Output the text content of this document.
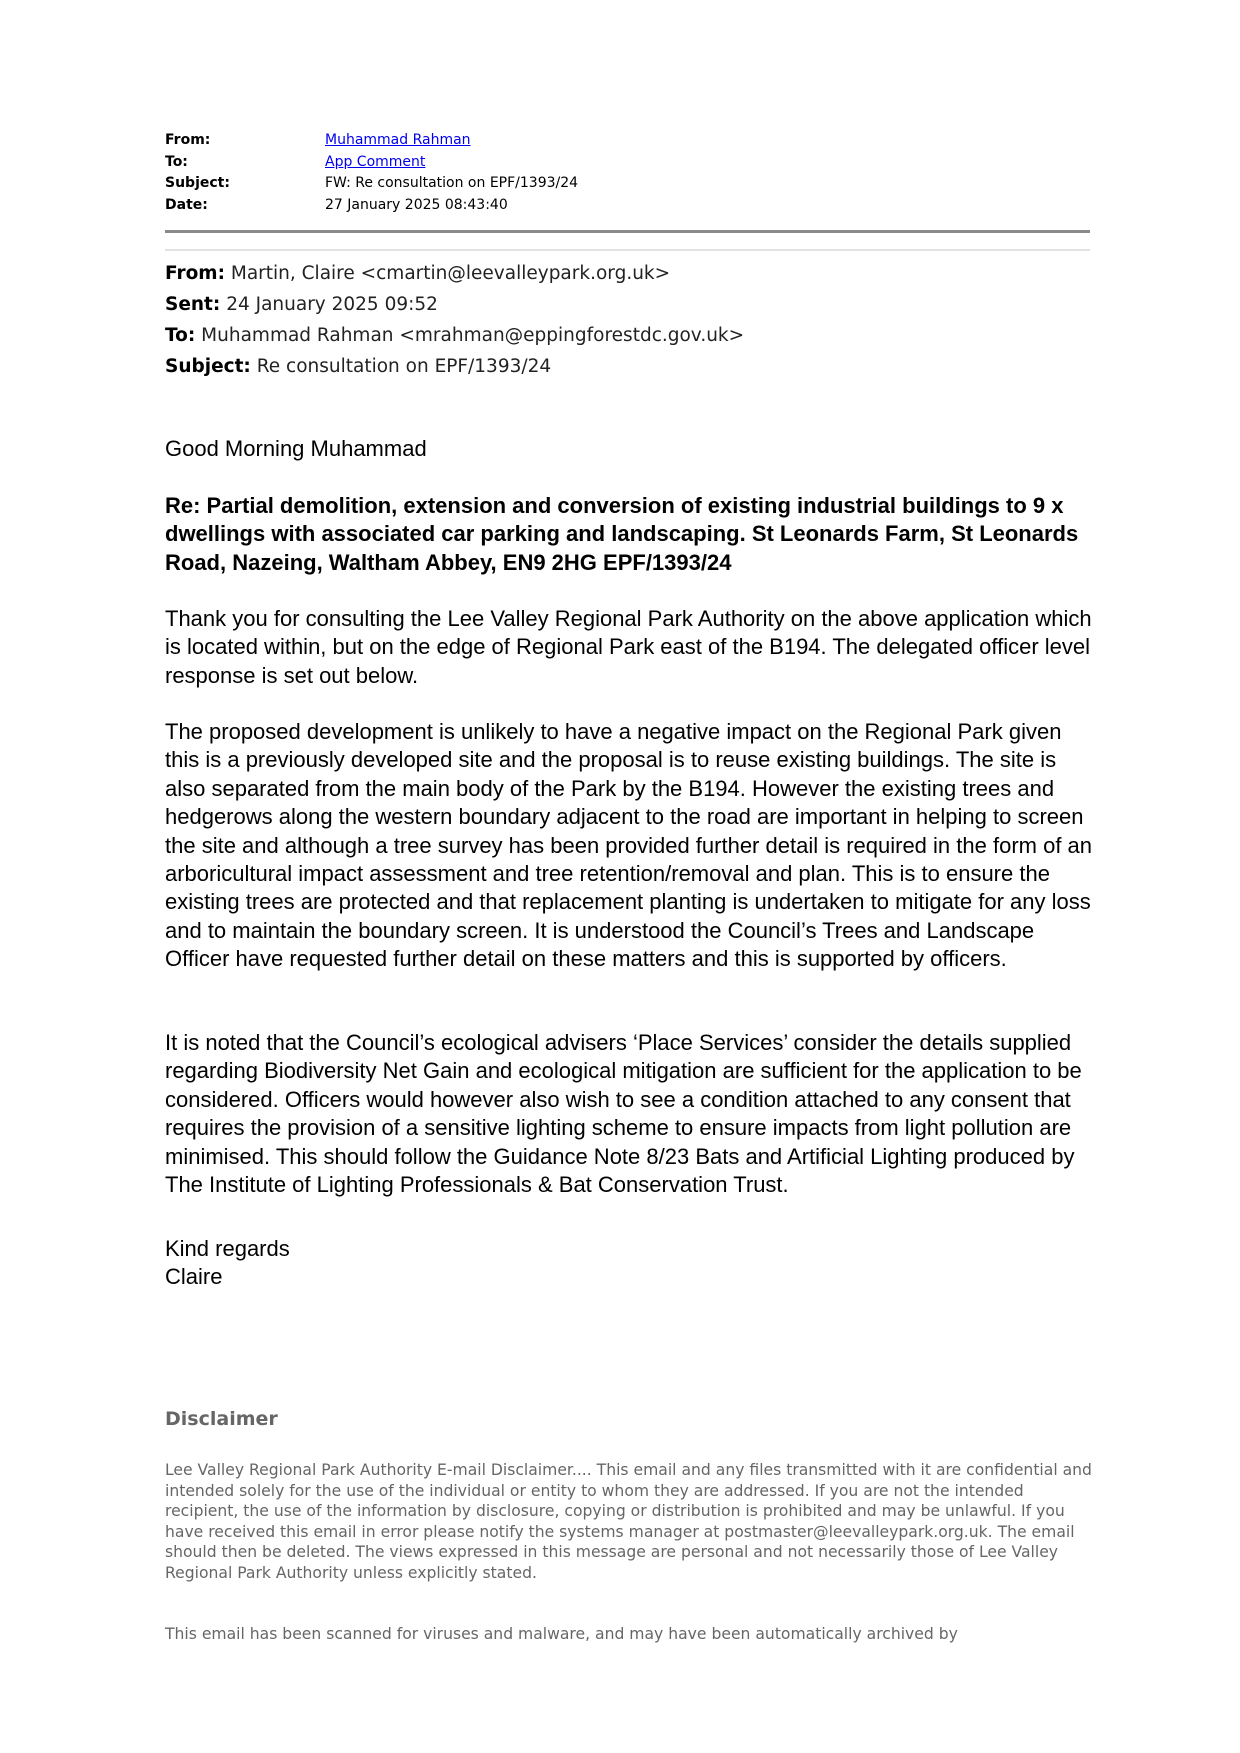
From:	Muhammad Rahman
To:	App Comment
Subject:	FW: Re consultation on EPF/1393/24
Date:	27 January 2025 08:43:40
From: Martin, Claire <cmartin@leevalleypark.org.uk>
Sent: 24 January 2025 09:52
To: Muhammad Rahman <mrahman@eppingforestdc.gov.uk>
Subject: Re consultation on EPF/1393/24

Good Morning Muhammad

Re: Partial demolition, extension and conversion of existing industrial buildings to 9 x dwellings with associated car parking and landscaping. St Leonards Farm, St Leonards Road, Nazeing, Waltham Abbey, EN9 2HG EPF/1393/24

Thank you for consulting the Lee Valley Regional Park Authority on the above application which is located within, but on the edge of Regional Park east of the B194. The delegated officer level response is set out below.

The proposed development is unlikely to have a negative impact on the Regional Park given this is a previously developed site and the proposal is to reuse existing buildings. The site is also separated from the main body of the Park by the B194. However the existing trees and hedgerows along the western boundary adjacent to the road are important in helping to screen the site and although a tree survey has been provided further detail is required in the form of an arboricultural impact assessment and tree retention/removal and plan. This is to ensure the existing trees are protected and that replacement planting is undertaken to mitigate for any loss and to maintain the boundary screen. It is understood the Council’s Trees and Landscape Officer have requested further detail on these matters and this is supported by officers.

It is noted that the Council’s ecological advisers ‘Place Services’ consider the details supplied regarding Biodiversity Net Gain and ecological mitigation are sufficient for the application to be considered. Officers would however also wish to see a condition attached to any consent that requires the provision of a sensitive lighting scheme to ensure impacts from light pollution are minimised. This should follow the Guidance Note 8/23 Bats and Artificial Lighting produced by The Institute of Lighting Professionals & Bat Conservation Trust.

Kind regards
Claire
Disclaimer

Lee Valley Regional Park Authority E-mail Disclaimer.... This email and any files transmitted with it are confidential and intended solely for the use of the individual or entity to whom they are addressed. If you are not the intended recipient, the use of the information by disclosure, copying or distribution is prohibited and may be unlawful. If you have received this email in error please notify the systems manager at postmaster@leevalleypark.org.uk. The email should then be deleted. The views expressed in this message are personal and not necessarily those of Lee Valley Regional Park Authority unless explicitly stated.

This email has been scanned for viruses and malware, and may have been automatically archived by
